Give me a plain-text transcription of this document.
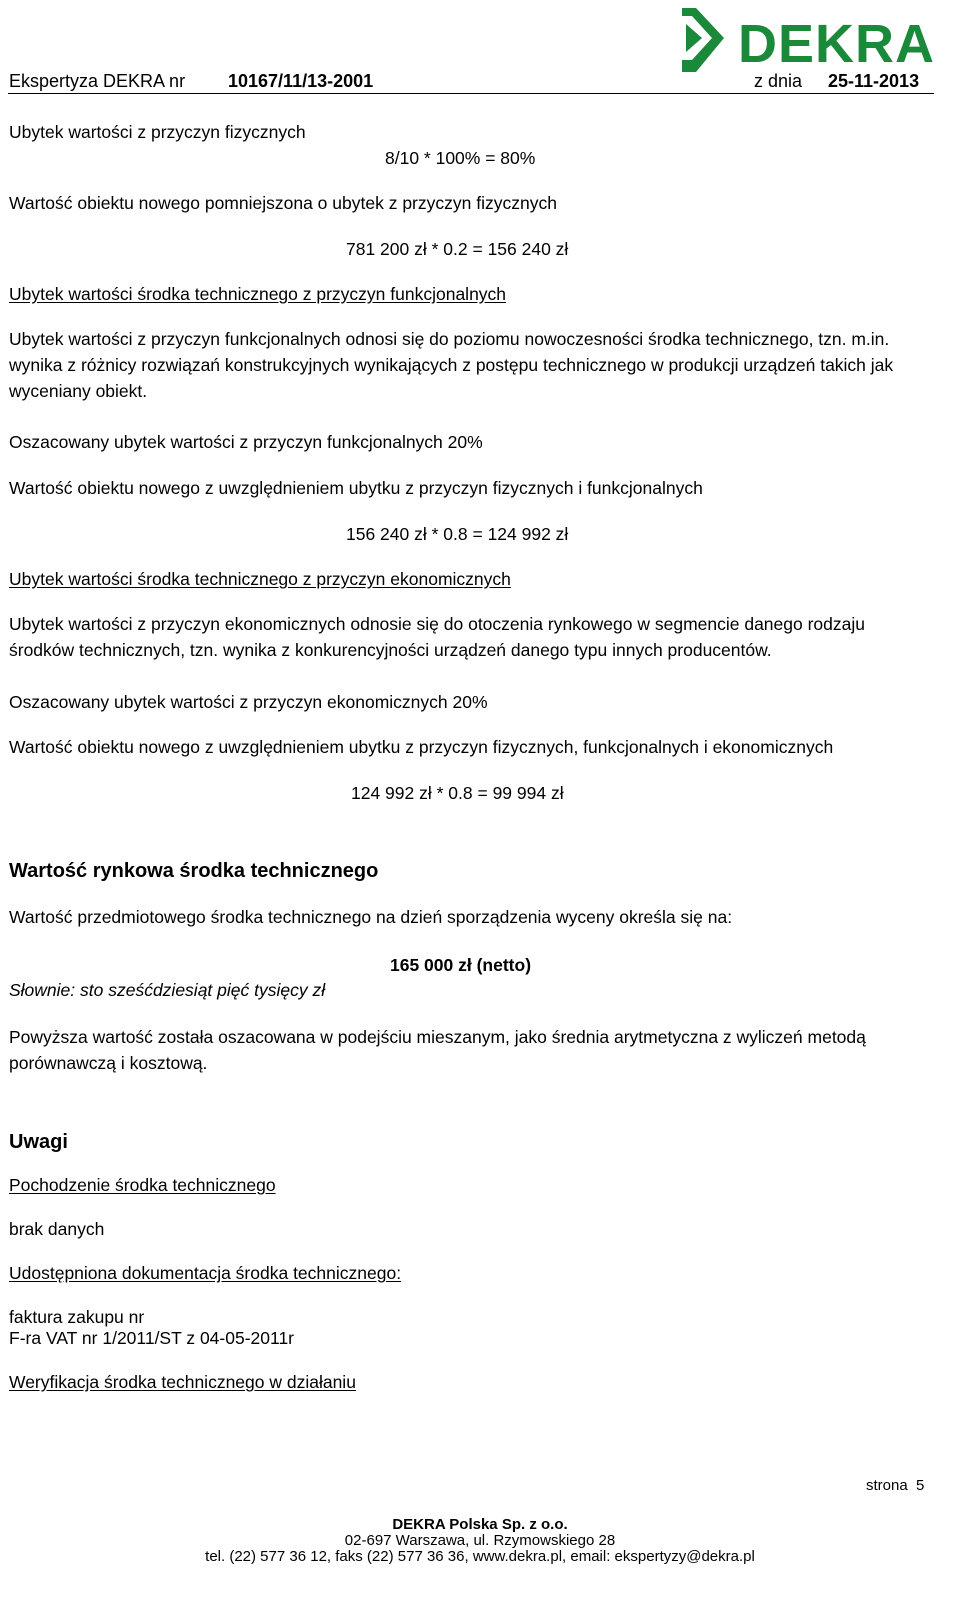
DEKRA
Ekspertyza DEKRA nr 10167/11/13-2001	z dnia 25-11-2013
Ubytek wartości z przyczyn fizycznych
8/10 * 100% = 80%
Wartość obiektu nowego pomniejszona o ubytek z przyczyn fizycznych
781 200 zł * 0.2 = 156 240 zł
Ubytek wartości środka technicznego z przyczyn funkcjonalnych
Ubytek wartości z przyczyn funkcjonalnych odnosi się do poziomu nowoczesności środka technicznego, tzn. m.in. wynika z różnicy rozwiązań konstrukcyjnych wynikających z postępu technicznego w produkcji urządzeń takich jak wyceniany obiekt.
Oszacowany ubytek wartości z przyczyn funkcjonalnych 20%
Wartość obiektu nowego z uwzględnieniem ubytku z przyczyn fizycznych i funkcjonalnych
156 240 zł * 0.8 = 124 992 zł
Ubytek wartości środka technicznego z przyczyn ekonomicznych
Ubytek wartości z przyczyn ekonomicznych odnosie się do otoczenia rynkowego w segmencie danego rodzaju środków technicznych, tzn. wynika z konkurencyjności urządzeń danego typu innych producentów.
Oszacowany ubytek wartości z przyczyn ekonomicznych 20%
Wartość obiektu nowego z uwzględnieniem ubytku z przyczyn fizycznych, funkcjonalnych i ekonomicznych
124 992 zł * 0.8 = 99 994 zł
Wartość rynkowa środka technicznego
Wartość przedmiotowego środka technicznego na dzień sporządzenia wyceny określa się na:
165 000 zł (netto)
Słownie: sto sześćdziesiąt pięć tysięcy zł
Powyższa wartość została oszacowana w podejściu mieszanym, jako średnia arytmetyczna z wyliczeń metodą porównawczą i kosztową.
Uwagi
Pochodzenie środka technicznego
brak danych
Udostępniona dokumentacja środka technicznego:
faktura zakupu nr
F-ra VAT nr 1/2011/ST z 04-05-2011r
Weryfikacja środka technicznego w działaniu
strona 5
DEKRA Polska Sp. z o.o.
02-697 Warszawa, ul. Rzymowskiego 28
tel. (22) 577 36 12, faks (22) 577 36 36, www.dekra.pl, email: ekspertyzy@dekra.pl
